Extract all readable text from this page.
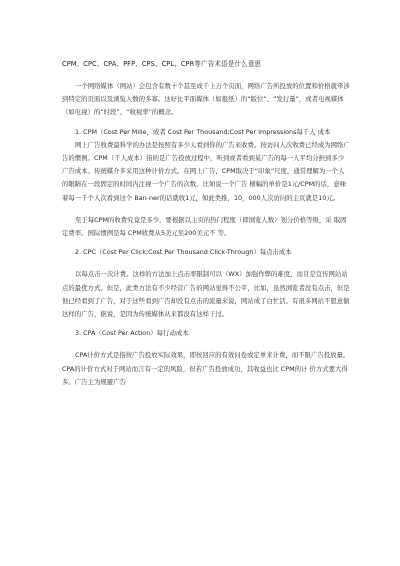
CPM、CPC、CPA、PFP、CPS、CPL、CPR等广告术语是什么意思

一个网络媒体（网站）会包含有数十个甚至成千上万个页面，网络广告所投放的位置和价格就牵涉到特定的页面以及浏览人数的多寡。这好比平面媒体（如报纸）的“版位”、“发行量”，或者电视媒体（如电视）的“时段”、“收视率”的概念。

1. CPM（Cost Per Mille，或者 Cost Per Thousand;Cost Per Impressions每千人 成本

网上广告收费最科学的办法是按照有多少人看到你的广告来收费。按访问人次收费已经成为网络广告的惯例。CPM（千人成本）指的是广告投放过程中，听到或者看到某广告的每一人平均分担到多少广告成本。传统媒介多采用这种计价方式。在网上广告，CPM取决于“印象”尺度，通常理解为一个人的眼睛在一段固定的时间内注视一个广告的次数。比如说一个广告 横幅的单价是1元/CPM的话，意味着每一千个人次看到这个 Ban-ner的话就收1元，如此类推，10，000人次访问的主页就是10元。

至于每CPM的收费究竟是多少，要根据以主页的热门程度（即浏览人数）划分价格等级，采 取固定费率。国际惯例是每 CPM收费从5美元至200美元不 等。

2. CPC（Cost Per Click;Cost Per Thousand Click-Through）每点击成本

以每点击一次计费。这样的方法加上点击率限制可以（WX）加强作弊的难度，而且是宣传网站站点的最优方式。但是，此类方法有不少经营广告的网站觉得不公平，比如，虽然浏览者没有点击，但是他已经看到了广告，对于这些看到广告却没有点击的流量来说，网站成了白忙活。有很多网站不愿意做这样的广告，据说，是因为传统媒体从来都没有这样干过。

3. CPA（Cost Per Action）每行动成本

CPA计价方式是指按广告投放实际效果，即按回应的有效问卷或定单来计费，而不限广告投放量。CPA的计价方式对于网站而言有一定的风险，但若广告投放成功，其收益也比 CPM的计 价方式要大得多。广告主为规避广告
